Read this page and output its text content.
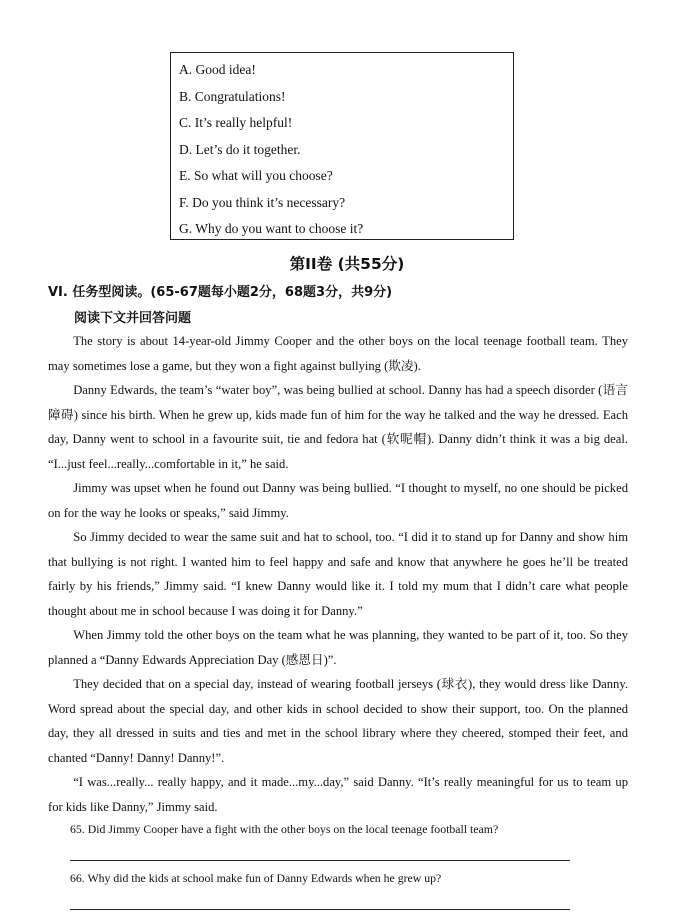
A. Good idea!
B. Congratulations!
C. It’s really helpful!
D. Let’s do it together.
E. So what will you choose?
F. Do you think it’s necessary?
G. Why do you want to choose it?
第II卷 (共55分)
VI. 任务型阅读。(65-67题每小题2分，68题3分，共9分)
阅读下文并回答问题

The story is about 14-year-old Jimmy Cooper and the other boys on the local teenage football team. They may sometimes lose a game, but they won a fight against bullying (欺凌).

Danny Edwards, the team’s “water boy”, was being bullied at school. Danny has had a speech disorder (语言障碍) since his birth. When he grew up, kids made fun of him for the way he talked and the way he dressed. Each day, Danny went to school in a favourite suit, tie and fedora hat (软呢帽). Danny didn’t think it was a big deal. “I...just feel...really...comfortable in it,” he said.

Jimmy was upset when he found out Danny was being bullied. “I thought to myself, no one should be picked on for the way he looks or speaks,” said Jimmy.

So Jimmy decided to wear the same suit and hat to school, too. “I did it to stand up for Danny and show him that bullying is not right. I wanted him to feel happy and safe and know that anywhere he goes he’ll be treated fairly by his friends,” Jimmy said. “I knew Danny would like it. I told my mum that I didn’t care what people thought about me in school because I was doing it for Danny.”

When Jimmy told the other boys on the team what he was planning, they wanted to be part of it, too. So they planned a “Danny Edwards Appreciation Day (感恩日)”.

They decided that on a special day, instead of wearing football jerseys (球衣), they would dress like Danny. Word spread about the special day, and other kids in school decided to show their support, too. On the planned day, they all dressed in suits and ties and met in the school library where they cheered, stomped their feet, and chanted “Danny! Danny! Danny!”.

“I was...really... really happy, and it made...my...day,” said Danny. “It’s really meaningful for us to team up for kids like Danny,” Jimmy said.

65. Did Jimmy Cooper have a fight with the other boys on the local teenage football team?
66. Why did the kids at school make fun of Danny Edwards when he grew up?
